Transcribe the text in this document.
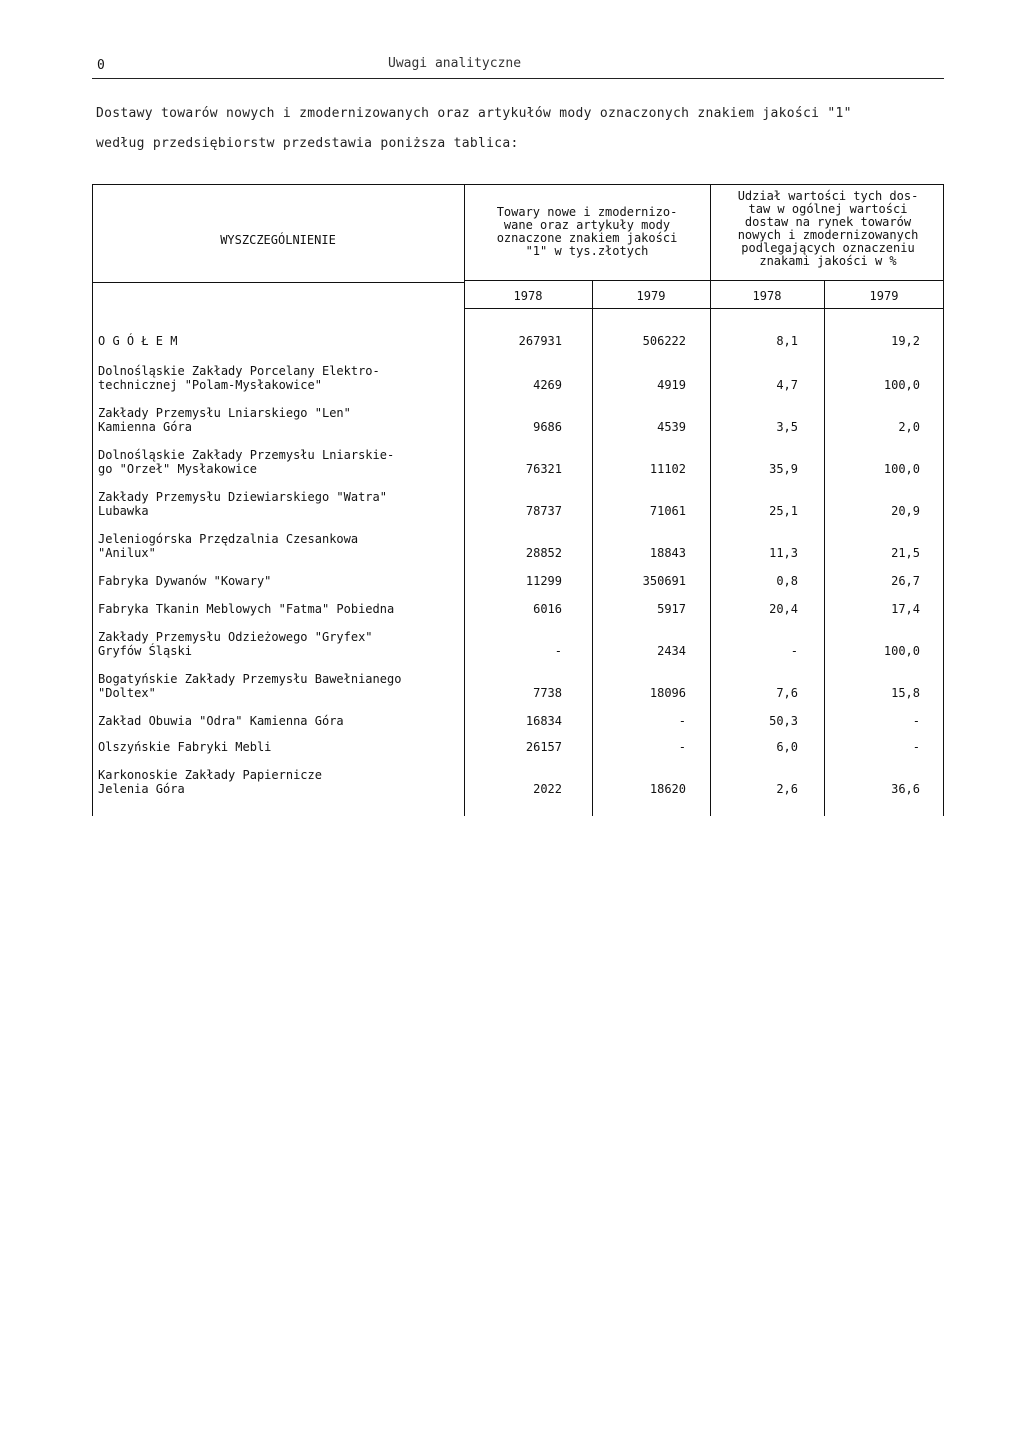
0	Uwagi analityczne
Dostawy towarów nowych i zmodernizowanych oraz artykułów mody oznaczonych znakiem jakości "1"
według przedsiębiorstw przedstawia poniższa tablica:
WYSZCZEGÓLNIENIE
Towary nowe i zmodernizo-
wane oraz artykuły mody
oznaczone znakiem jakości
"1" w tys.złotych
Udział wartości tych dos-
taw w ogólnej wartości
dostaw na rynek towarów
nowych i zmodernizowanych
podlegających oznaczeniu
znakami jakości w %
1978	1979	1978	1979
O G Ó Ł E M	267931	506222	8,1	19,2
Dolnośląskie Zakłady Porcelany Elektro-
technicznej "Polam-Mysłakowice"	4269	4919	4,7	100,0
Zakłady Przemysłu Lniarskiego "Len"
Kamienna Góra	9686	4539	3,5	2,0
Dolnośląskie Zakłady Przemysłu Lniarskie-
go "Orzeł" Mysłakowice	76321	11102	35,9	100,0
Zakłady Przemysłu Dziewiarskiego "Watra"
Lubawka	78737	71061	25,1	20,9
Jeleniogórska Przędzalnia Czesankowa
"Anilux"	28852	18843	11,3	21,5
Fabryka Dywanów "Kowary"	11299	350691	0,8	26,7
Fabryka Tkanin Meblowych "Fatma" Pobiedna	6016	5917	20,4	17,4
Zakłady Przemysłu Odzieżowego "Gryfex"
Gryfów Śląski	-	2434	-	100,0
Bogatyńskie Zakłady Przemysłu Bawełnianego
"Doltex"	7738	18096	7,6	15,8
Zakład Obuwia "Odra" Kamienna Góra	16834	-	50,3	-
Olszyńskie Fabryki Mebli	26157	-	6,0	-
Karkonoskie Zakłady Papiernicze
Jelenia Góra	2022	18620	2,6	36,6
